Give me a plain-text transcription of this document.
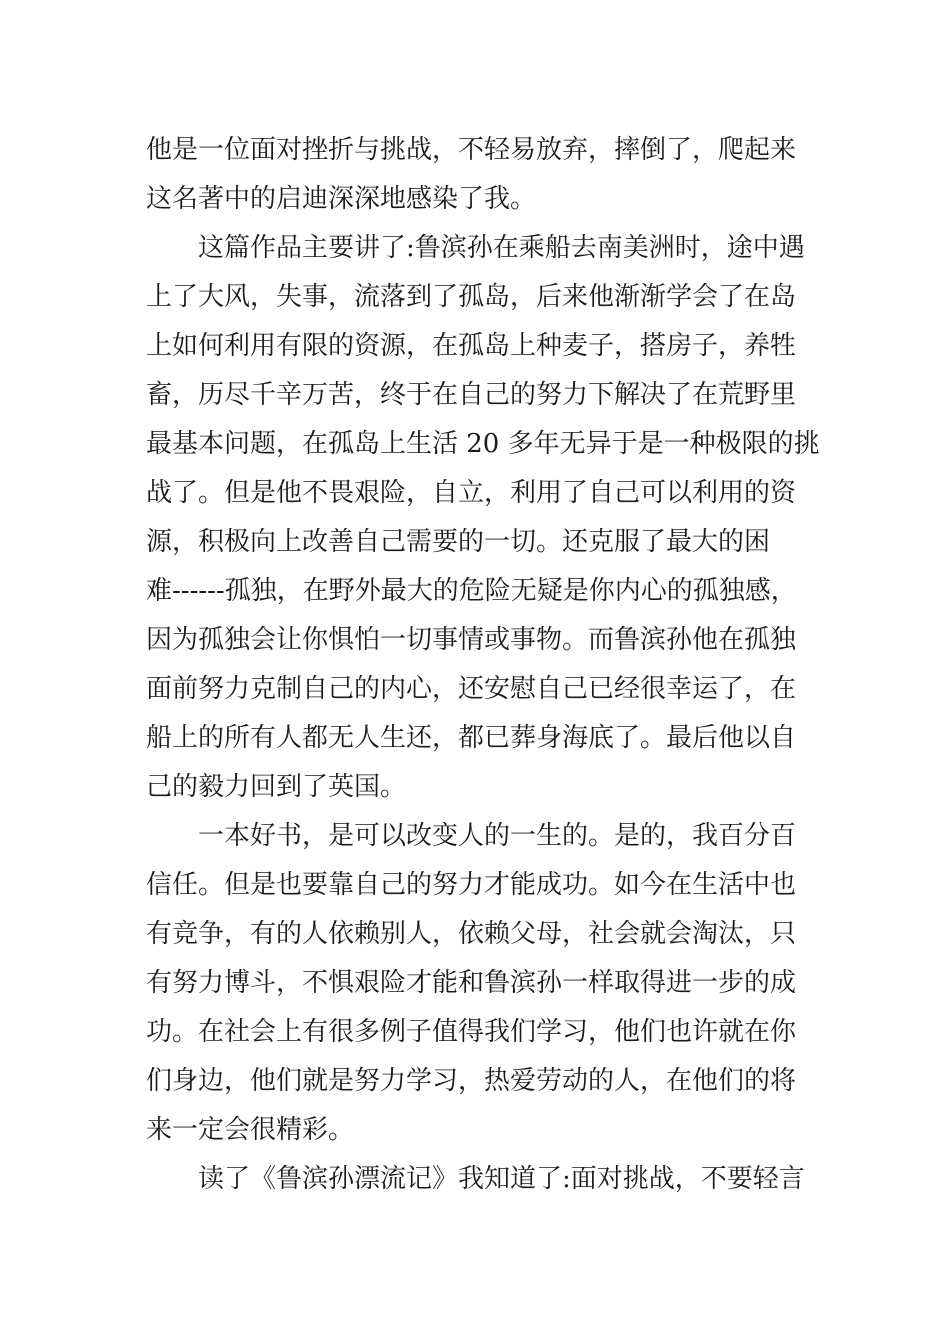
他是一位面对挫折与挑战，不轻易放弃，摔倒了，爬起来
这名著中的启迪深深地感染了我。
这篇作品主要讲了:鲁滨孙在乘船去南美洲时，途中遇
上了大风，失事，流落到了孤岛，后来他渐渐学会了在岛
上如何利用有限的资源，在孤岛上种麦子，搭房子，养牲
畜，历尽千辛万苦，终于在自己的努力下解决了在荒野里
最基本问题，在孤岛上生活 20 多年无异于是一种极限的挑
战了。但是他不畏艰险，自立，利用了自己可以利用的资
源，积极向上改善自己需要的一切。还克服了最大的困
难------孤独，在野外最大的危险无疑是你内心的孤独感，
因为孤独会让你惧怕一切事情或事物。而鲁滨孙他在孤独
面前努力克制自己的内心，还安慰自己已经很幸运了，在
船上的所有人都无人生还，都已葬身海底了。最后他以自
己的毅力回到了英国。
一本好书，是可以改变人的一生的。是的，我百分百
信任。但是也要靠自己的努力才能成功。如今在生活中也
有竞争，有的人依赖别人，依赖父母，社会就会淘汰，只
有努力博斗，不惧艰险才能和鲁滨孙一样取得进一步的成
功。在社会上有很多例子值得我们学习，他们也许就在你
们身边，他们就是努力学习，热爱劳动的人，在他们的将
来一定会很精彩。
读了《鲁滨孙漂流记》我知道了:面对挑战，不要轻言
